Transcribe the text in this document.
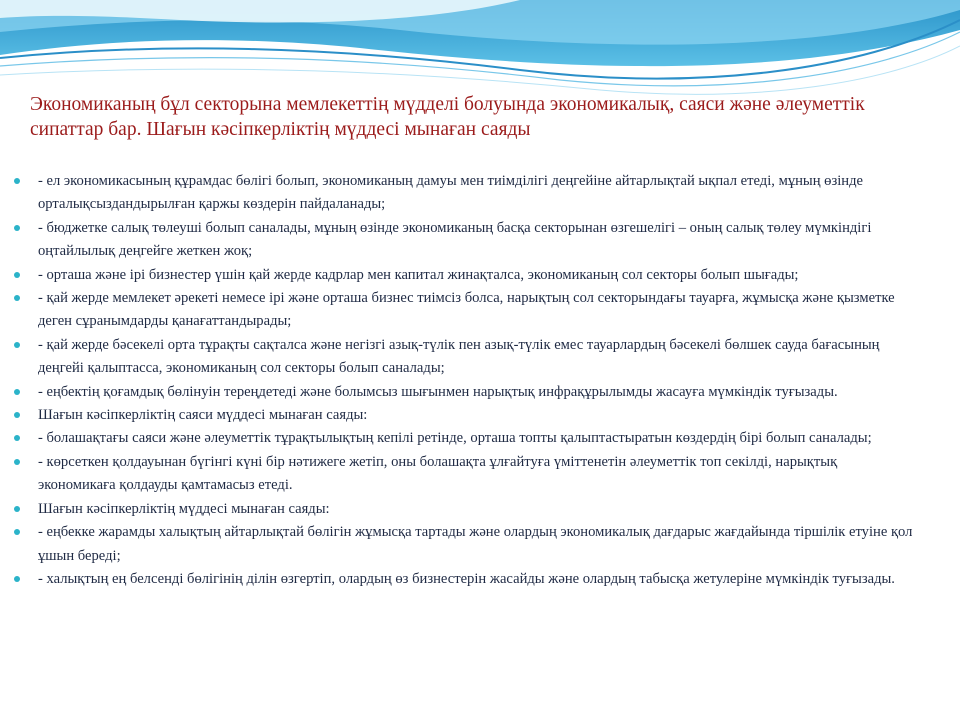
Экономиканың бұл секторына мемлекеттің мүдделі болуында экономикалық, саяси және әлеуметтік сипаттар бар. Шағын кәсіпкерліктің мүддесі мынаған саяды
- ел экономикасының құрамдас бөлігі болып, экономиканың дамуы мен тиімділігі деңгейіне айтарлықтай ықпал етеді, мұның өзінде орталықсыздандырылған қаржы көздерін пайдаланады;
- бюджетке салық төлеуші болып саналады, мұның өзінде экономиканың басқа секторынан өзгешелігі – оның салық төлеу мүмкіндігі оңтайлылық деңгейге жеткен жоқ;
- орташа және ірі бизнестер үшін қай жерде кадрлар мен капитал жинақталса, экономиканың сол секторы болып шығады;
- қай жерде мемлекет әрекеті немесе ірі және орташа бизнес тиімсіз болса, нарықтың сол секторындағы тауарға, жұмысқа және қызметке деген сұранымдарды қанағаттандырады;
- қай жерде бәсекелі орта тұрақты сақталса және негізгі азық-түлік пен азық-түлік емес тауарлардың бәсекелі бөлшек сауда бағасының деңгейі қалыптасса, экономиканың сол секторы болып саналады;
- еңбектің қоғамдық бөлінуін тереңдетеді және болымсыз шығынмен нарықтық инфрақұрылымды жасауға мүмкіндік туғызады.
Шағын кәсіпкерліктің саяси мүддесі мынаған саяды:
- болашақтағы саяси және әлеуметтік тұрақтылықтың кепілі ретінде, орташа топты қалыптастыратын көздердің бірі болып саналады;
- көрсеткен қолдауынан бүгінгі күні бір нәтижеге жетіп, оны болашақта ұлғайтуға үміттенетін әлеуметтік топ секілді, нарықтық экономикаға қолдауды қамтамасыз етеді.
Шағын кәсіпкерліктің мүддесі мынаған саяды:
- еңбекке жарамды халықтың айтарлықтай бөлігін жұмысқа тартады және олардың экономикалық дағдарыс жағдайында тіршілік етуіне қол ұшын береді;
- халықтың ең белсенді бөлігінің ділін өзгертіп, олардың өз бизнестерін жасайды және олардың табысқа жетулеріне мүмкіндік туғызады.
